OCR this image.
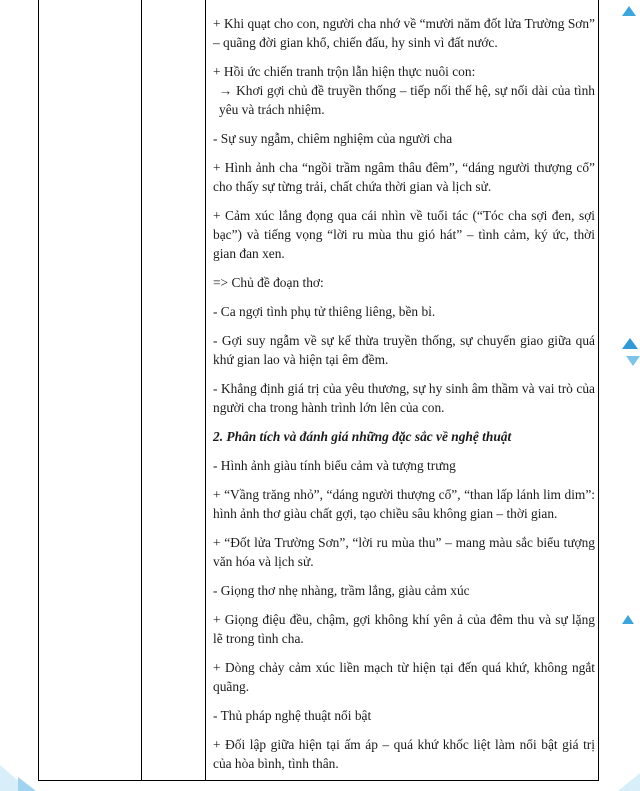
+ Khi quạt cho con, người cha nhớ về “mười năm đốt lửa Trường Sơn” – quãng đời gian khổ, chiến đấu, hy sinh vì đất nước.

+ Hồi ức chiến tranh trộn lẫn hiện thực nuôi con:

→ Khơi gợi chủ đề truyền thống – tiếp nối thế hệ, sự nối dài của tình yêu và trách nhiệm.

- Sự suy ngẫm, chiêm nghiệm của người cha

+ Hình ảnh cha “ngồi trầm ngâm thâu đêm”, “dáng người thượng cổ” cho thấy sự từng trải, chất chứa thời gian và lịch sử.

+ Cảm xúc lắng đọng qua cái nhìn về tuổi tác (“Tóc cha sợi đen, sợi bạc”) và tiếng vọng “lời ru mùa thu gió hát” – tình cảm, ký ức, thời gian đan xen.

=> Chủ đề đoạn thơ:

- Ca ngợi tình phụ tử thiêng liêng, bền bỉ.

- Gợi suy ngẫm về sự kế thừa truyền thống, sự chuyển giao giữa quá khứ gian lao và hiện tại êm đềm.

- Khẳng định giá trị của yêu thương, sự hy sinh âm thầm và vai trò của người cha trong hành trình lớn lên của con.

2. Phân tích và đánh giá những đặc sắc về nghệ thuật

- Hình ảnh giàu tính biểu cảm và tượng trưng

+ “Vầng trăng nhỏ”, “dáng người thượng cổ”, “than lấp lánh lim dim”: hình ảnh thơ giàu chất gợi, tạo chiều sâu không gian – thời gian.

+ “Đốt lửa Trường Sơn”, “lời ru mùa thu” – mang màu sắc biểu tượng văn hóa và lịch sử.

- Giọng thơ nhẹ nhàng, trầm lắng, giàu cảm xúc

+ Giọng điệu đều, chậm, gợi không khí yên ả của đêm thu và sự lặng lẽ trong tình cha.

+ Dòng chảy cảm xúc liền mạch từ hiện tại đến quá khứ, không ngắt quãng.

- Thủ pháp nghệ thuật nổi bật

+ Đối lập giữa hiện tại ấm áp – quá khứ khốc liệt làm nổi bật giá trị của hòa bình, tình thân.
